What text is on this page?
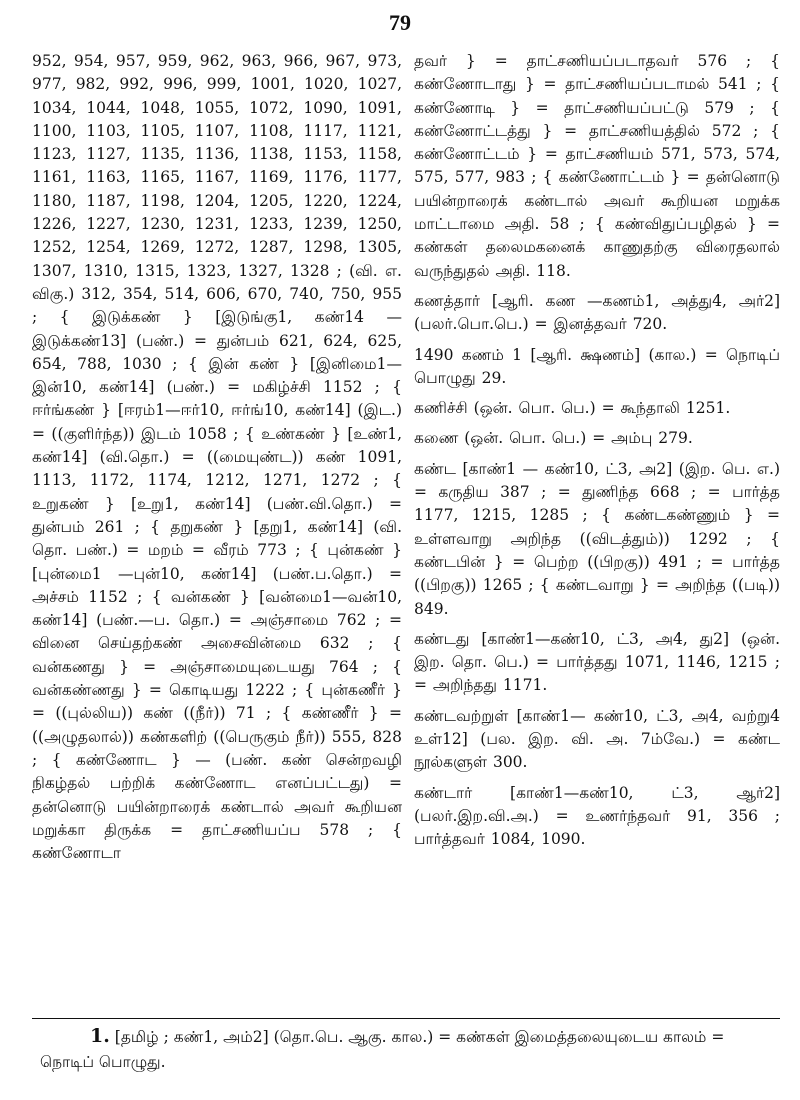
79

952, 954, 957, 959, 962, 963, 966, 967, 973, 977, 982, 992, 996, 999, 1001, 1020, 1027, 1034, 1044, 1048, 1055, 1072, 1090, 1091, 1100, 1103, 1105, 1107, 1108, 1117, 1121, 1123, 1127, 1135, 1136, 1138, 1153, 1158, 1161, 1163, 1165, 1167, 1169, 1176, 1177, 1180, 1187, 1198, 1204, 1205, 1220, 1224, 1226, 1227, 1230, 1231, 1233, 1239, 1250, 1252, 1254, 1269, 1272, 1287, 1298, 1305, 1307, 1310, 1315, 1323, 1327, 1328 ; (வி. எ. விகு.) 312, 354, 514, 606, 670, 740, 750, 955 ; { இடுக்கண் } [இடுங்கு1, கண்14 — இடுக்கண்13] (பண்.) = துன்பம் 621, 624, 625, 654, 788, 1030 ; { இன் கண் } [இனிமை1— இன்10, கண்14] (பண்.) = மகிழ்ச்சி 1152 ; { ஈர்ங்கண் } [ஈரம்1—ஈர்10, ஈர்ங்10, கண்14] (இட.) = ((குளிர்ந்த)) இடம் 1058 ; { உண்கண் } [உண்1, கண்14] (வி.தொ.) = ((மையுண்ட)) கண் 1091, 1113, 1172, 1174, 1212, 1271, 1272 ; { உறுகண் } [உறு1, கண்14] (பண்.வி.தொ.) = துன்பம் 261 ; { தறுகண் } [தறு1, கண்14] (வி. தொ. பண்.) = மறம் = வீரம் 773 ; { புன்கண் } [புன்மை1 —புன்10, கண்14] (பண்.ப.தொ.) = அச்சம் 1152 ; { வன்கண் } [வன்மை1—வன்10, கண்14] (பண்.—ப. தொ.) = அஞ்சாமை 762 ; = வினை செய்தற்கண் அசைவின்மை 632 ; { வன்கணது } = அஞ்சாமையுடையது 764 ; { வன்கண்ணது } = கொடியது 1222 ; { புன்கணீர் } = ((புல்லிய)) கண் ((நீர்)) 71 ; { கண்ணீர் } = ((அழுதலால்)) கண்களிற் ((பெருகும் நீர்)) 555, 828 ; { கண்ணோட } — (பண். கண் சென்றவழி நிகழ்தல் பற்றிக் கண்ணோட எனப்பட்டது) = தன்னொடு பயின்றாரைக் கண்டால் அவர் கூறியன மறுக்கா திருக்க = தாட்சணியப்ப 578 ; { கண்ணோடா

தவர் } = தாட்சணியப்படாதவர் 576 ; { கண்ணோடாது } = தாட்சணியப்படாமல் 541 ; { கண்ணோடி } = தாட்சணியப்பட்டு 579 ; { கண்ணோட்டத்து } = தாட்சணியத்தில் 572 ; { கண்ணோட்டம் } = தாட்சணியம் 571, 573, 574, 575, 577, 983 ; { கண்ணோட்டம் } = தன்னொடு பயின்றாரைக் கண்டால் அவர் கூறியன மறுக்க மாட்டாமை அதி. 58 ; { கண்விதுப்பழிதல் } = கண்கள் தலைமகனைக் காணுதற்கு விரைதலால் வருந்துதல் அதி. 118.

கணத்தார் [ஆரி. கண —கணம்1, அத்து4, அர்2] (பலர்.பொ.பெ.) = இனத்தவர் 720.

1490 கணம் 1 [ஆரி. க்ஷணம்] (கால.) = நொடிப் பொழுது 29.

கணிச்சி (ஒன். பொ. பெ.) = கூந்தாலி 1251.

கணை (ஒன். பொ. பெ.) = அம்பு 279.

கண்ட [காண்1 — கண்10, ட்3, அ2] (இற. பெ. எ.) = கருதிய 387 ; = துணிந்த 668 ; = பார்த்த 1177, 1215, 1285 ; { கண்டகண்ணும் } = உள்ளவாறு அறிந்த ((விடத்தும்)) 1292 ; { கண்டபின் } = பெற்ற ((பிறகு)) 491 ; = பார்த்த ((பிறகு)) 1265 ; { கண்டவாறு } = அறிந்த ((படி)) 849.

கண்டது [காண்1—கண்10, ட்3, அ4, து2] (ஒன். இற. தொ. பெ.) = பார்த்தது 1071, 1146, 1215 ; = அறிந்தது 1171.

கண்டவற்றுள் [காண்1— கண்10, ட்3, அ4, வற்று4 உள்12] (பல. இற. வி. அ. 7ம்வே.) = கண்ட நூல்களுள் 300.

கண்டார் [காண்1—கண்10, ட்3, ஆர்2] (பலர்.இற.வி.அ.) = உணர்ந்தவர் 91, 356 ; பார்த்தவர் 1084, 1090.

1. [தமிழ் ; கண்1, அம்2] (தொ.பெ. ஆகு. கால.) = கண்கள் இமைத்தலையுடைய காலம் = நொடிப் பொழுது.
